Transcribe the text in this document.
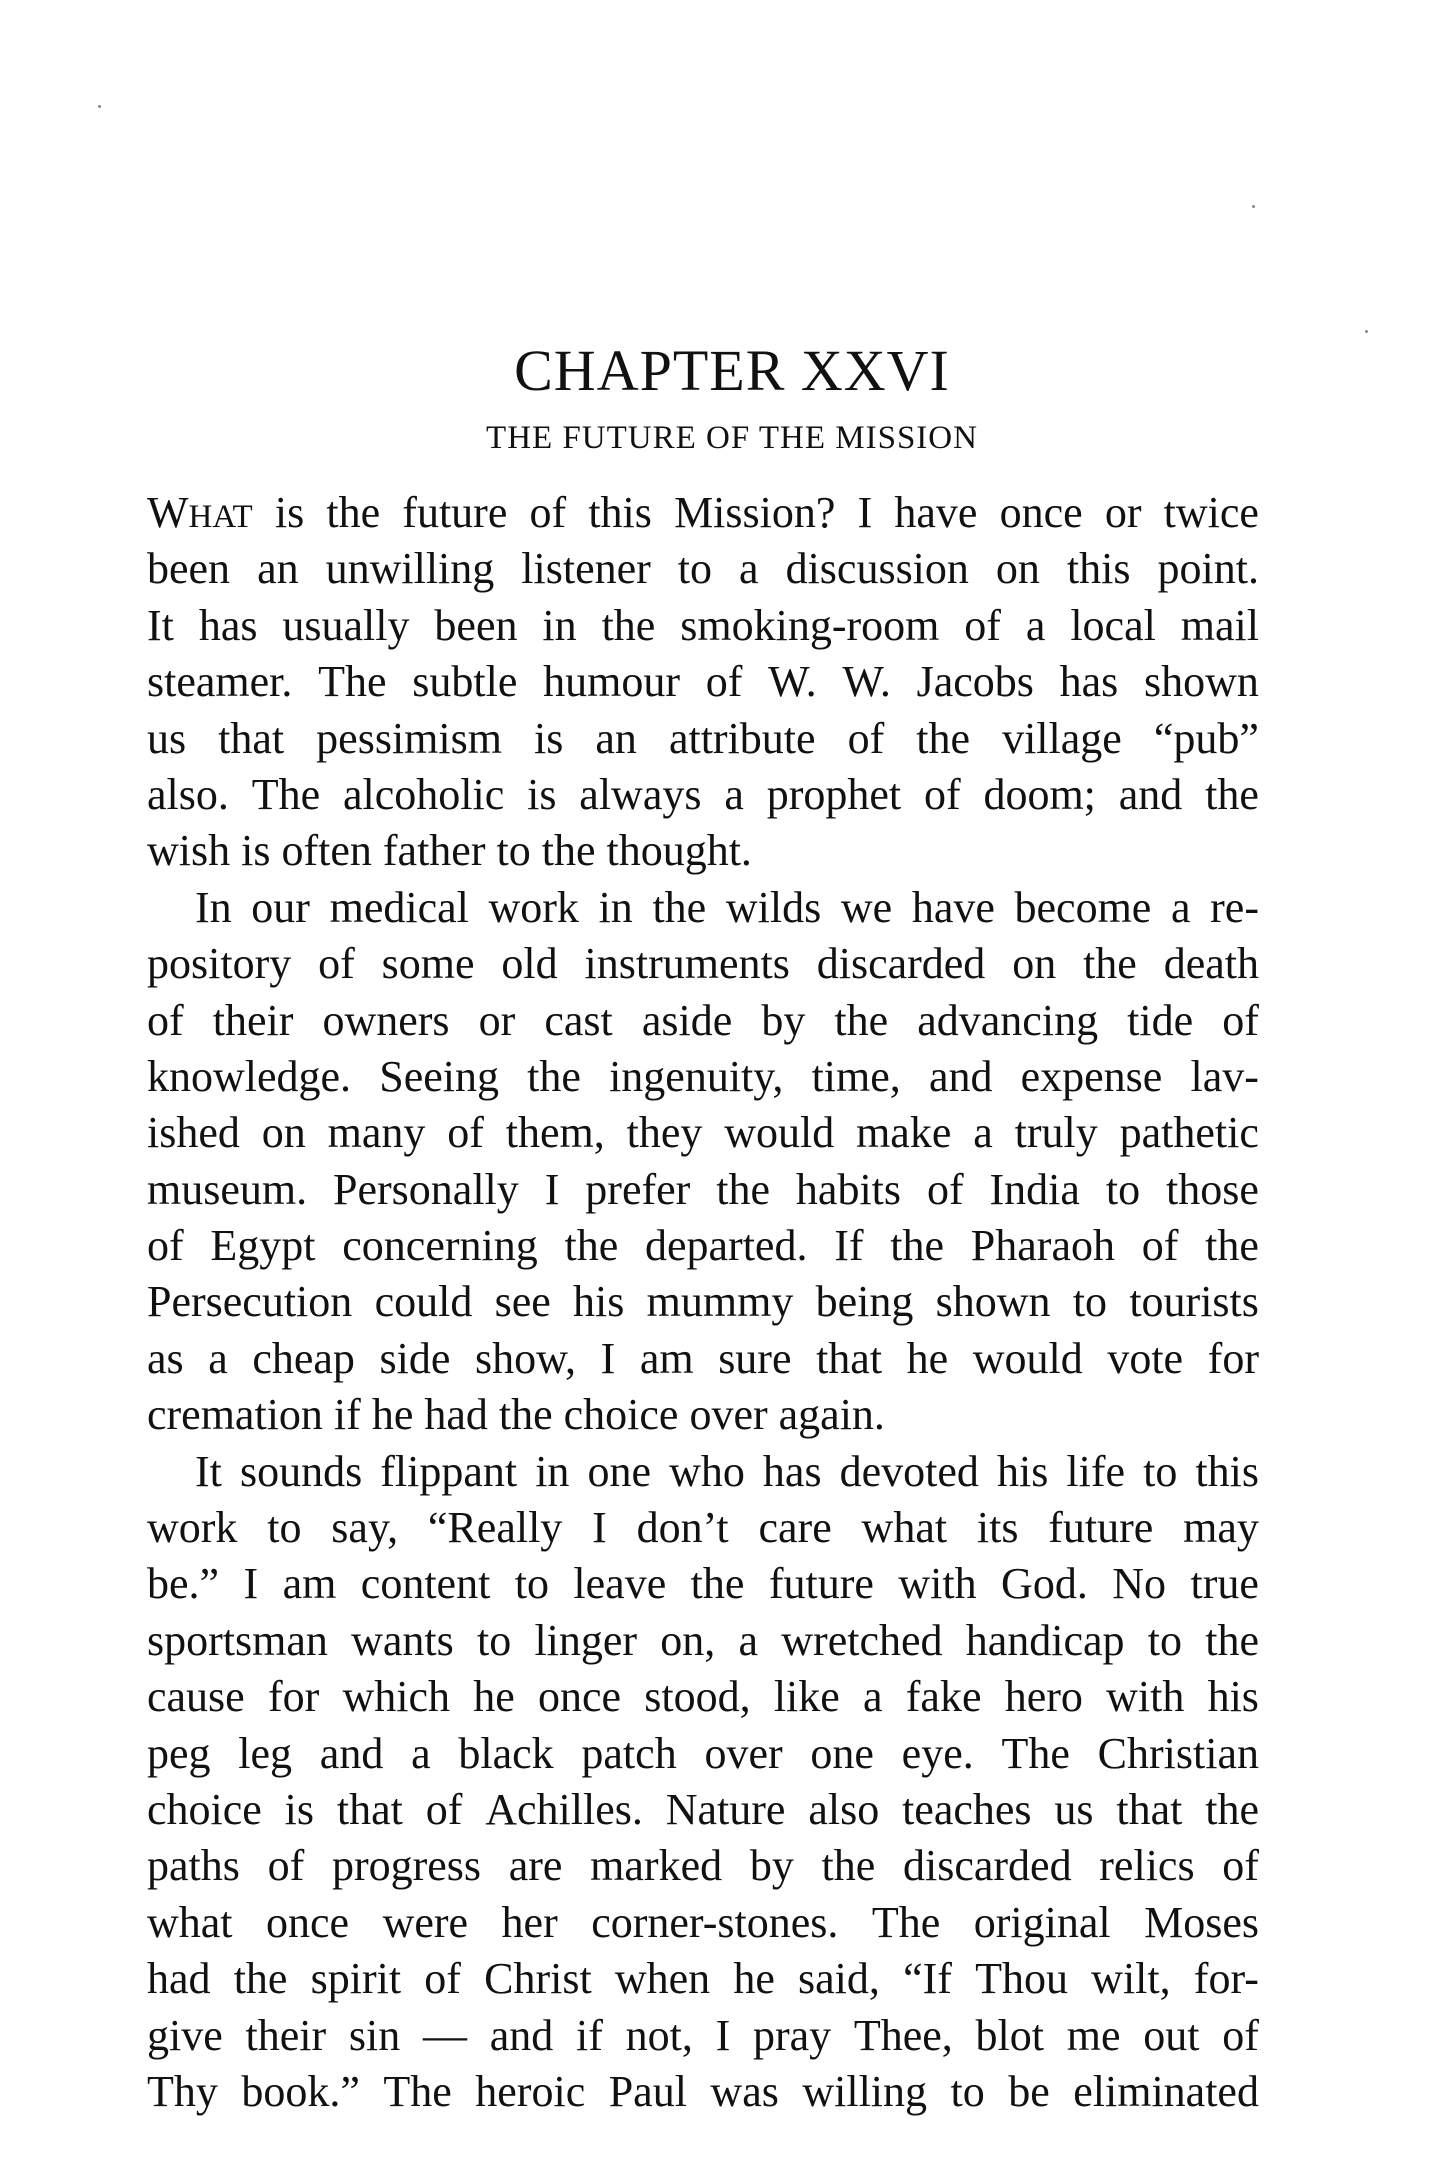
CHAPTER XXVI
THE FUTURE OF THE MISSION
WHAT is the future of this Mission? I have once or twice
been an unwilling listener to a discussion on this point.
It has usually been in the smoking-room of a local mail
steamer. The subtle humour of W. W. Jacobs has shown
us that pessimism is an attribute of the village “pub”
also. The alcoholic is always a prophet of doom; and the
wish is often father to the thought.
In our medical work in the wilds we have become a re-
pository of some old instruments discarded on the death
of their owners or cast aside by the advancing tide of
knowledge. Seeing the ingenuity, time, and expense lav-
ished on many of them, they would make a truly pathetic
museum. Personally I prefer the habits of India to those
of Egypt concerning the departed. If the Pharaoh of the
Persecution could see his mummy being shown to tourists
as a cheap side show, I am sure that he would vote for
cremation if he had the choice over again.
It sounds flippant in one who has devoted his life to this
work to say, “Really I don’t care what its future may
be.” I am content to leave the future with God. No true
sportsman wants to linger on, a wretched handicap to the
cause for which he once stood, like a fake hero with his
peg leg and a black patch over one eye. The Christian
choice is that of Achilles. Nature also teaches us that the
paths of progress are marked by the discarded relics of
what once were her corner-stones. The original Moses
had the spirit of Christ when he said, “If Thou wilt, for-
give their sin — and if not, I pray Thee, blot me out of
Thy book.” The heroic Paul was willing to be eliminated
